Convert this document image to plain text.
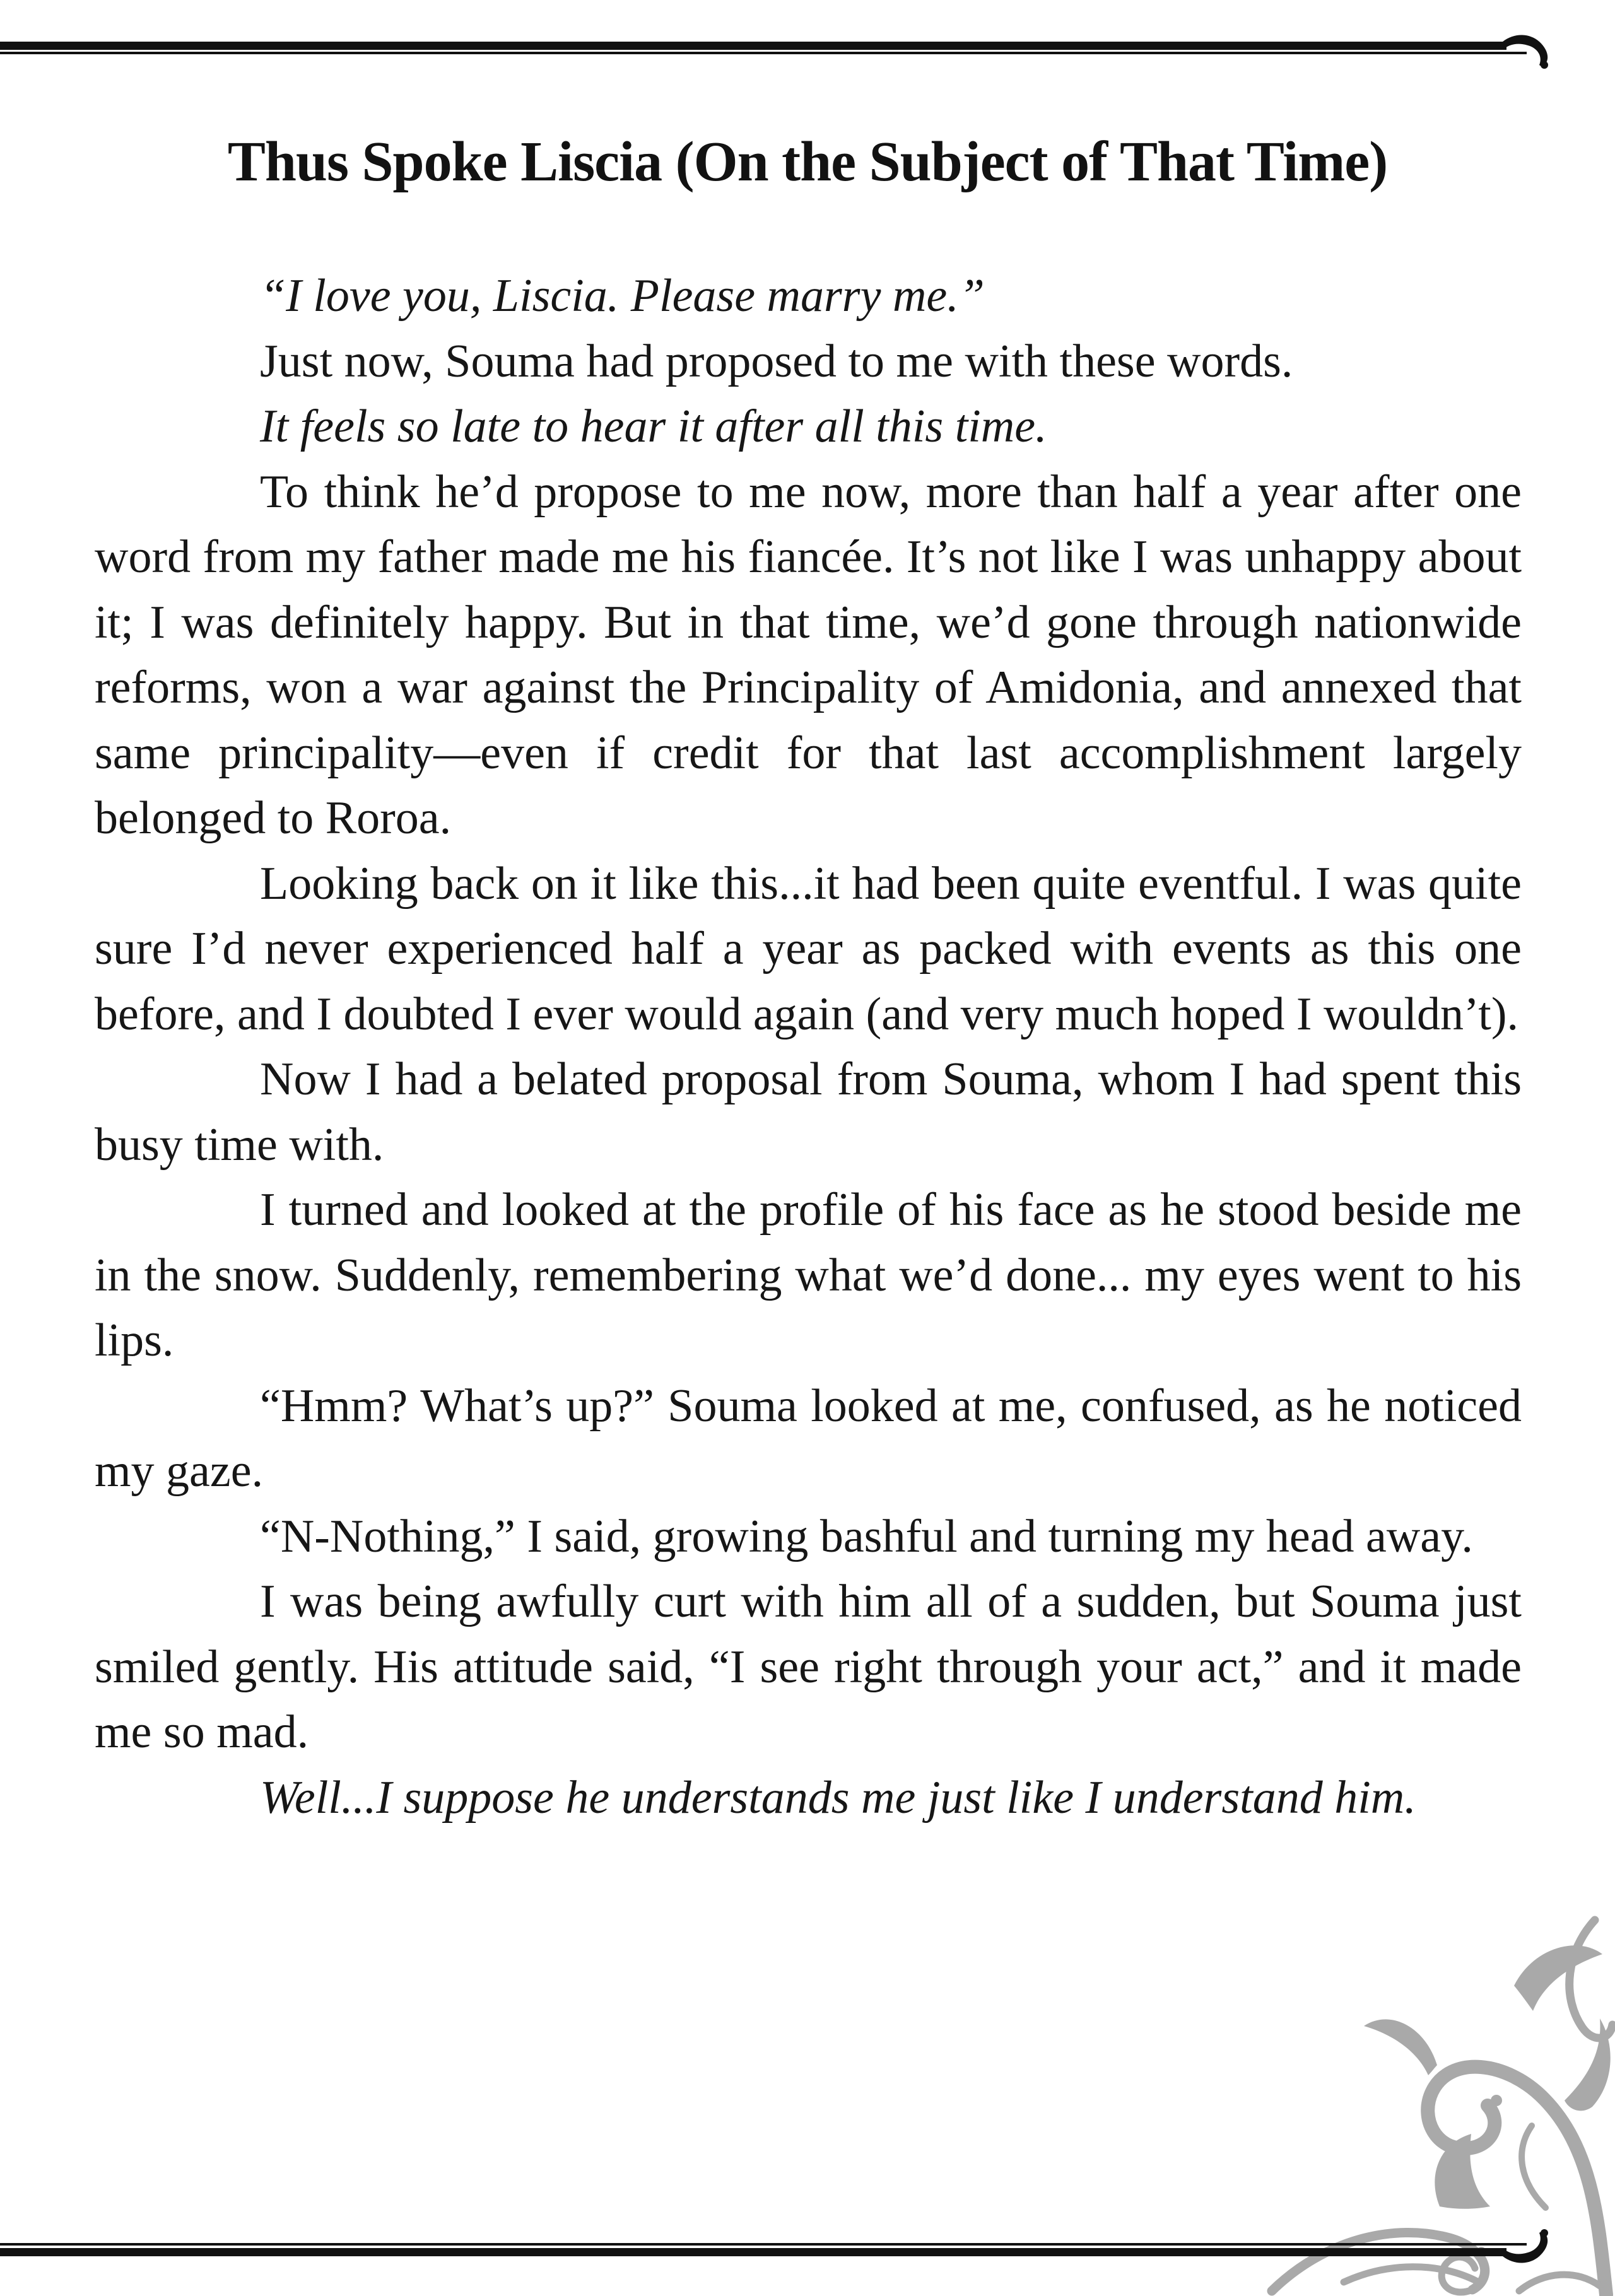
Thus Spoke Liscia (On the Subject of That Time)

“I love you, Liscia. Please marry me.”

Just now, Souma had proposed to me with these words.

It feels so late to hear it after all this time.

To think he’d propose to me now, more than half a year after one word from my father made me his fiancée. It’s not like I was unhappy about it; I was definitely happy. But in that time, we’d gone through nationwide reforms, won a war against the Principality of Amidonia, and annexed that same principality—even if credit for that last accomplishment largely belonged to Roroa.

Looking back on it like this...it had been quite eventful. I was quite sure I’d never experienced half a year as packed with events as this one before, and I doubted I ever would again (and very much hoped I wouldn’t).

Now I had a belated proposal from Souma, whom I had spent this busy time with.

I turned and looked at the profile of his face as he stood beside me in the snow. Suddenly, remembering what we’d done... my eyes went to his lips.

“Hmm? What’s up?” Souma looked at me, confused, as he noticed my gaze.

“N-Nothing,” I said, growing bashful and turning my head away.

I was being awfully curt with him all of a sudden, but Souma just smiled gently. His attitude said, “I see right through your act,” and it made me so mad.

Well...I suppose he understands me just like I understand him.
